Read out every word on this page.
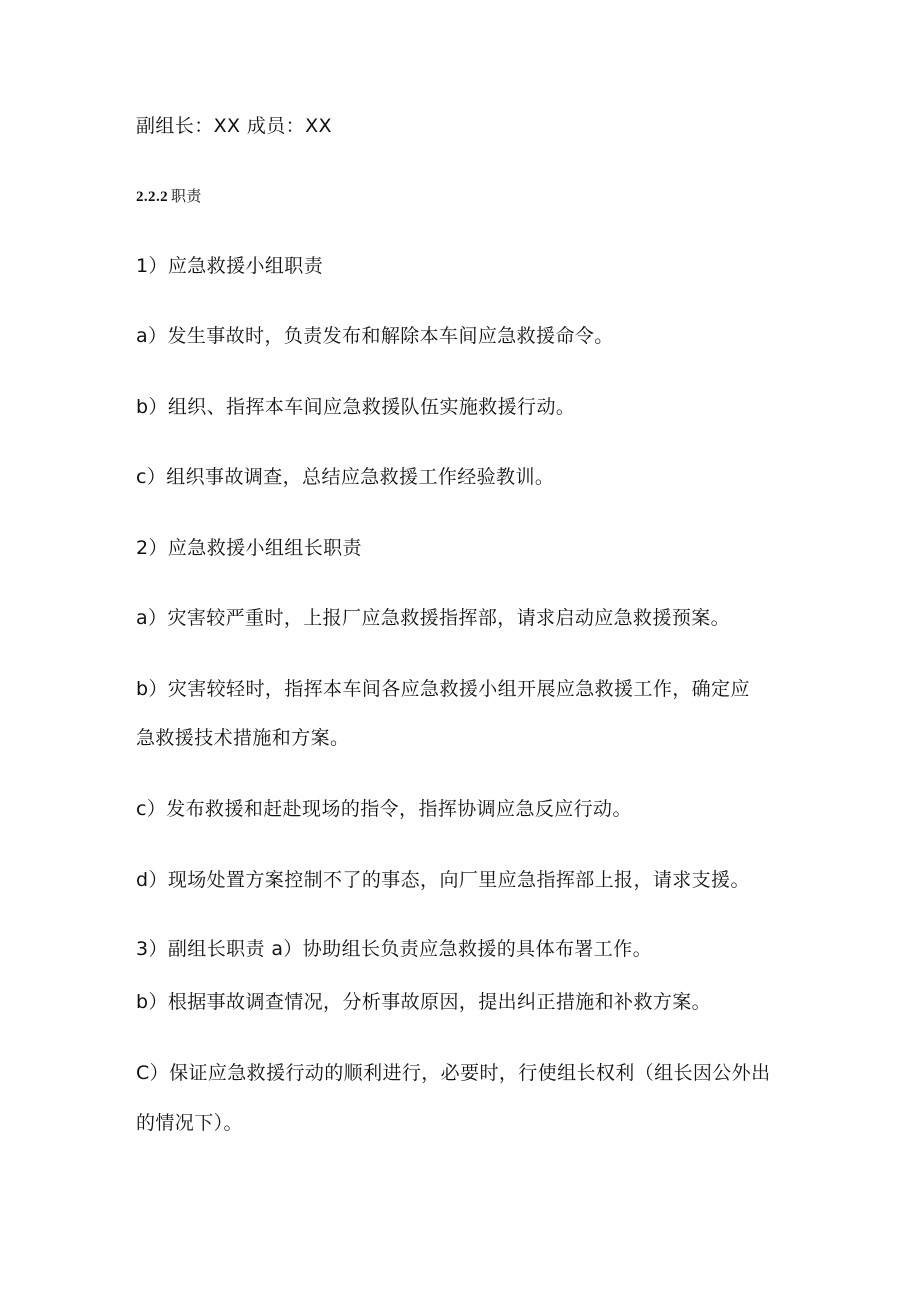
副组长：XX 成员：XX
2.2.2 职责
1）应急救援小组职责
a）发生事故时，负责发布和解除本车间应急救援命令。
b）组织、指挥本车间应急救援队伍实施救援行动。
c）组织事故调查，总结应急救援工作经验教训。
2）应急救援小组组长职责
a）灾害较严重时，上报厂应急救援指挥部，请求启动应急救援预案。
b）灾害较轻时，指挥本车间各应急救援小组开展应急救援工作，确定应
急救援技术措施和方案。
c）发布救援和赶赴现场的指令，指挥协调应急反应行动。
d）现场处置方案控制不了的事态，向厂里应急指挥部上报，请求支援。
3）副组长职责 a）协助组长负责应急救援的具体布署工作。
b）根据事故调查情况，分析事故原因，提出纠正措施和补救方案。
C）保证应急救援行动的顺利进行，必要时，行使组长权利（组长因公外出
的情况下）。
